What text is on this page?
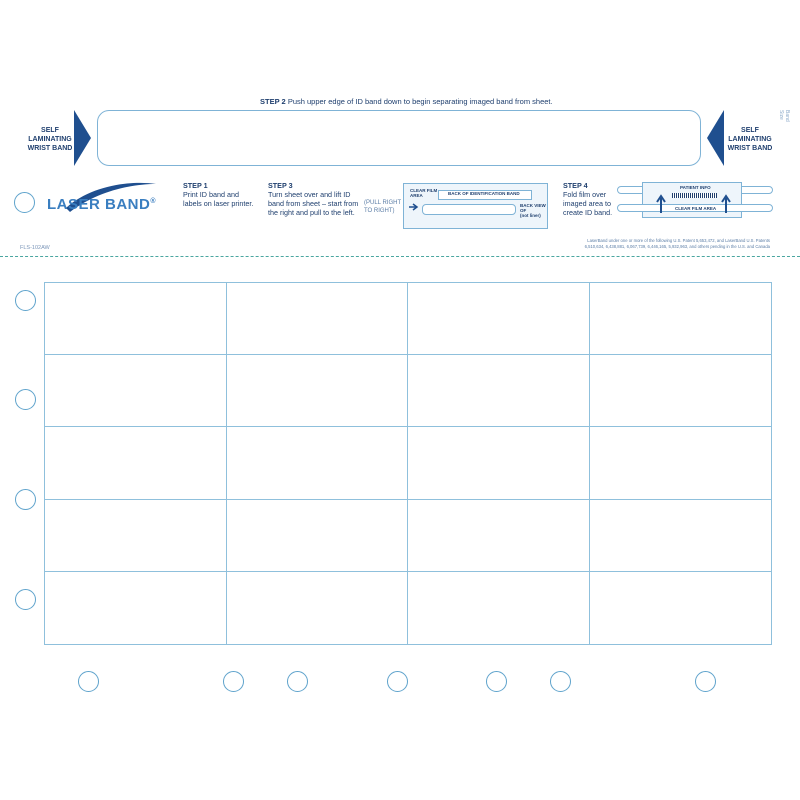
STEP 2 Push upper edge of ID band down to begin separating imaged band from sheet.
SELF
LAMINATING
WRIST BAND
SELF
LAMINATING
WRIST BAND
Band Size
LASER BAND®
STEP 1
Print ID band and
labels on laser printer.
STEP 3
Turn sheet over and lift ID
band from sheet – start from
the right and pull to the left.
(PULL RIGHT
TO RIGHT)
CLEAR FILM
AREA	BACK OF IDENTIFICATION BAND
BACK VIEW OF
(not liner)
STEP 4
Fold film over
imaged area to
create ID band.
PATIENT INFO
CLEAR FILM AREA
FLS-102AW
LaserBand under one or more of the following U.S. Patent 5,653,472, and LaserBand U.S. Patents
6,510,634, 6,438,881, 6,067,739, 6,446,165, 5,932,963, and others pending in the U.S. and Canada
